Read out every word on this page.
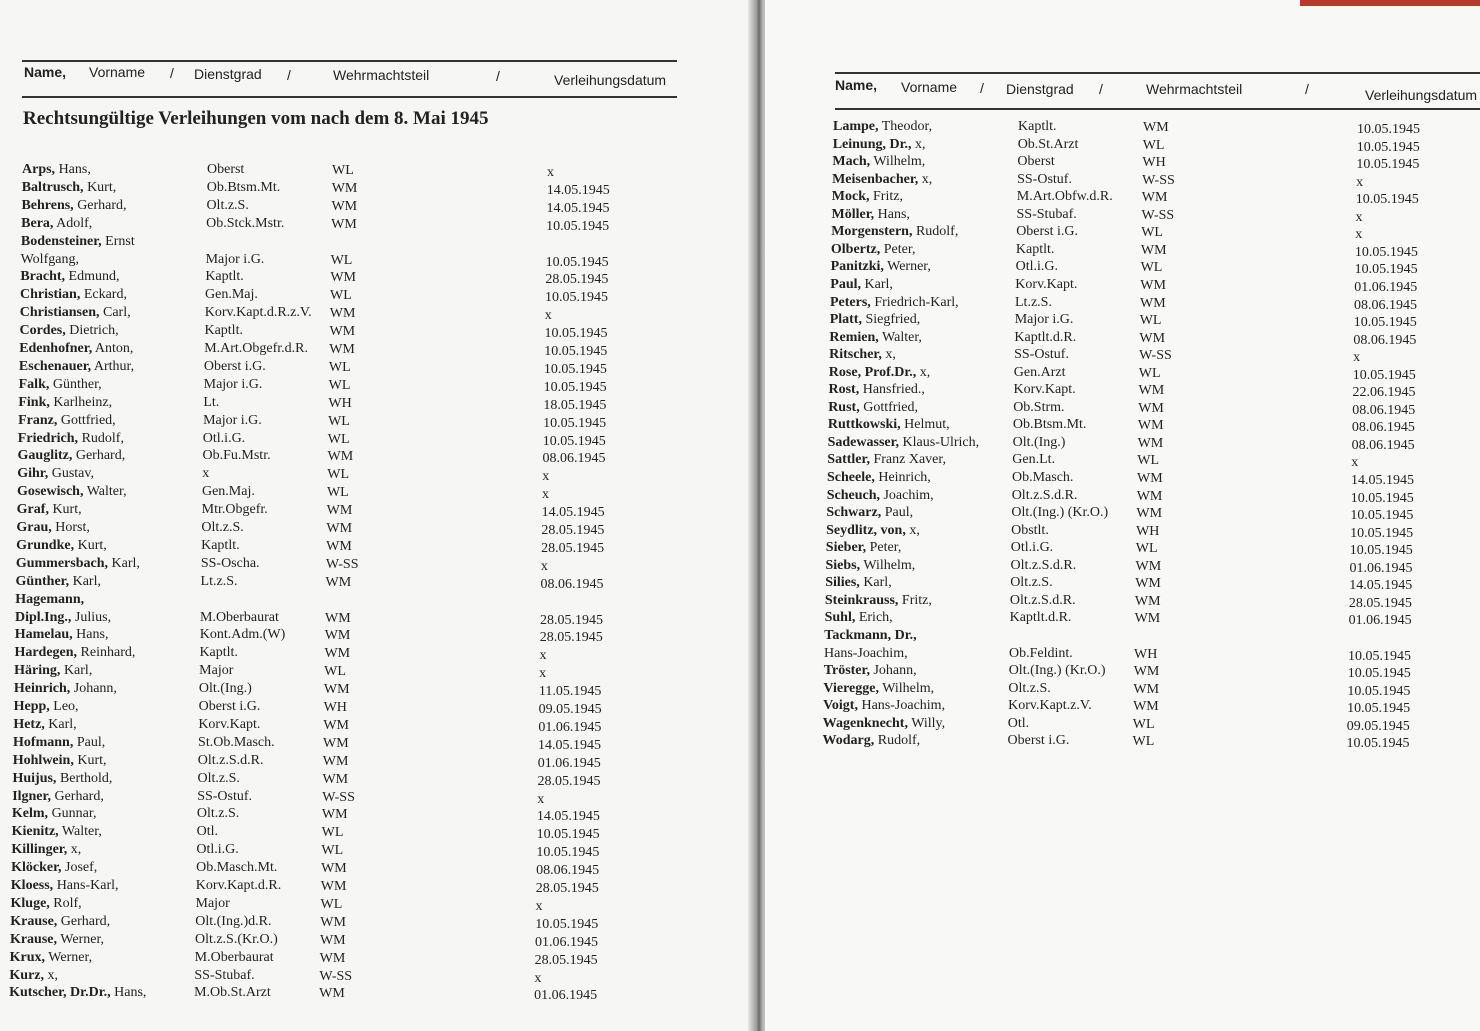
Name, Vorname / Dienstgrad /	Wehrmachtsteil	/	Verleihungsdatum
Rechtsungültige Verleihungen vom nach dem 8. Mai 1945
Arps, Hans,	Oberst	WL	x
Baltrusch, Kurt,	Ob.Btsm.Mt.	WM	14.05.1945
Behrens, Gerhard,	Olt.z.S.	WM	14.05.1945
Bera, Adolf,	Ob.Stck.Mstr.	WM	10.05.1945
Bodensteiner, Ernst
Wolfgang,	Major i.G.	WL	10.05.1945
Bracht, Edmund,	Kaptlt.	WM	28.05.1945
Christian, Eckard,	Gen.Maj.	WL	10.05.1945
Christiansen, Carl,	Korv.Kapt.d.R.z.V. WM	x
Cordes, Dietrich,	Kaptlt.	WM	10.05.1945
Edenhofner, Anton,	M.Art.Obgefr.d.R. WM	10.05.1945
Eschenauer, Arthur,	Oberst i.G.	WL	10.05.1945
Falk, Günther,	Major i.G.	WL	10.05.1945
Fink, Karlheinz,	Lt.	WH	18.05.1945
Franz, Gottfried,	Major i.G.	WL	10.05.1945
Friedrich, Rudolf,	Otl.i.G.	WL	10.05.1945
Gauglitz, Gerhard,	Ob.Fu.Mstr.	WM	08.06.1945
Gihr, Gustav,	x	WL	x
Gosewisch, Walter,	Gen.Maj.	WL	x
Graf, Kurt,	Mtr.Obgefr.	WM	14.05.1945
Grau, Horst,	Olt.z.S.	WM	28.05.1945
Grundke, Kurt,	Kaptlt.	WM	28.05.1945
Gummersbach, Karl,	SS-Oscha.	W-SS	x
Günther, Karl,	Lt.z.S.	WM	08.06.1945
Hagemann,
Dipl.Ing., Julius,	M.Oberbaurat	WM	28.05.1945
Hamelau, Hans,	Kont.Adm.(W)	WM	28.05.1945
Hardegen, Reinhard,	Kaptlt.	WM	x
Häring, Karl,	Major	WL	x
Heinrich, Johann,	Olt.(Ing.)	WM	11.05.1945
Hepp, Leo,	Oberst i.G.	WH	09.05.1945
Hetz, Karl,	Korv.Kapt.	WM	01.06.1945
Hofmann, Paul,	St.Ob.Masch.	WM	14.05.1945
Hohlwein, Kurt,	Olt.z.S.d.R.	WM	01.06.1945
Huijus, Berthold,	Olt.z.S.	WM	28.05.1945
Ilgner, Gerhard,	SS-Ostuf.	W-SS	x
Kelm, Gunnar,	Olt.z.S.	WM	14.05.1945
Kienitz, Walter,	Otl.	WL	10.05.1945
Killinger, x,	Otl.i.G.	WL	10.05.1945
Klöcker, Josef,	Ob.Masch.Mt.	WM	08.06.1945
Kloess, Hans-Karl,	Korv.Kapt.d.R.	WM	28.05.1945
Kluge, Rolf,	Major	WL	x
Krause, Gerhard,	Olt.(Ing.)d.R.	WM	10.05.1945
Krause, Werner,	Olt.z.S.(Kr.O.)	WM	01.06.1945
Krux, Werner,	M.Oberbaurat	WM	28.05.1945
Kurz, x,	SS-Stubaf.	W-SS	x
Kutscher, Dr.Dr., Hans,	M.Ob.St.Arzt	WM	01.06.1945
Name, Vorname / Dienstgrad /	Wehrmachtsteil	/	Verleihungsdatum
Lampe, Theodor,	Kaptlt.	WM	10.05.1945
Leinung, Dr., x,	Ob.St.Arzt	WL	10.05.1945
Mach, Wilhelm,	Oberst	WH	10.05.1945
Meisenbacher, x,	SS-Ostuf.	W-SS	x
Mock, Fritz,	M.Art.Obfw.d.R. WM	10.05.1945
Möller, Hans,	SS-Stubaf.	W-SS	x
Morgenstern, Rudolf,	Oberst i.G.	WL	x
Olbertz, Peter,	Kaptlt.	WM	10.05.1945
Panitzki, Werner,	Otl.i.G.	WL	10.05.1945
Paul, Karl,	Korv.Kapt.	WM	01.06.1945
Peters, Friedrich-Karl,	Lt.z.S.	WM	08.06.1945
Platt, Siegfried,	Major i.G.	WL	10.05.1945
Remien, Walter,	Kaptlt.d.R.	WM	08.06.1945
Ritscher, x,	SS-Ostuf.	W-SS	x
Rose, Prof.Dr., x,	Gen.Arzt	WL	10.05.1945
Rost, Hansfried.,	Korv.Kapt.	WM	22.06.1945
Rust, Gottfried,	Ob.Strm.	WM	08.06.1945
Ruttkowski, Helmut,	Ob.Btsm.Mt.	WM	08.06.1945
Sadewasser, Klaus-Ulrich, Olt.(Ing.)	WM	08.06.1945
Sattler, Franz Xaver,	Gen.Lt.	WL	x
Scheele, Heinrich,	Ob.Masch.	WM	14.05.1945
Scheuch, Joachim,	Olt.z.S.d.R.	WM	10.05.1945
Schwarz, Paul,	Olt.(Ing.) (Kr.O.) WM	10.05.1945
Seydlitz, von, x,	Obstlt.	WH	10.05.1945
Sieber, Peter,	Otl.i.G.	WL	10.05.1945
Siebs, Wilhelm,	Olt.z.S.d.R.	WM	01.06.1945
Silies, Karl,	Olt.z.S.	WM	14.05.1945
Steinkrauss, Fritz,	Olt.z.S.d.R.	WM	28.05.1945
Suhl, Erich,	Kaptlt.d.R.	WM	01.06.1945
Tackmann, Dr.,
Hans-Joachim,	Ob.Feldint.	WH	10.05.1945
Tröster, Johann,	Olt.(Ing.) (Kr.O.) WM	10.05.1945
Vieregge, Wilhelm,	Olt.z.S.	WM	10.05.1945
Voigt, Hans-Joachim,	Korv.Kapt.z.V.	WM	10.05.1945
Wagenknecht, Willy,	Otl.	WL	09.05.1945
Wodarg, Rudolf,	Oberst i.G.	WL	10.05.1945
